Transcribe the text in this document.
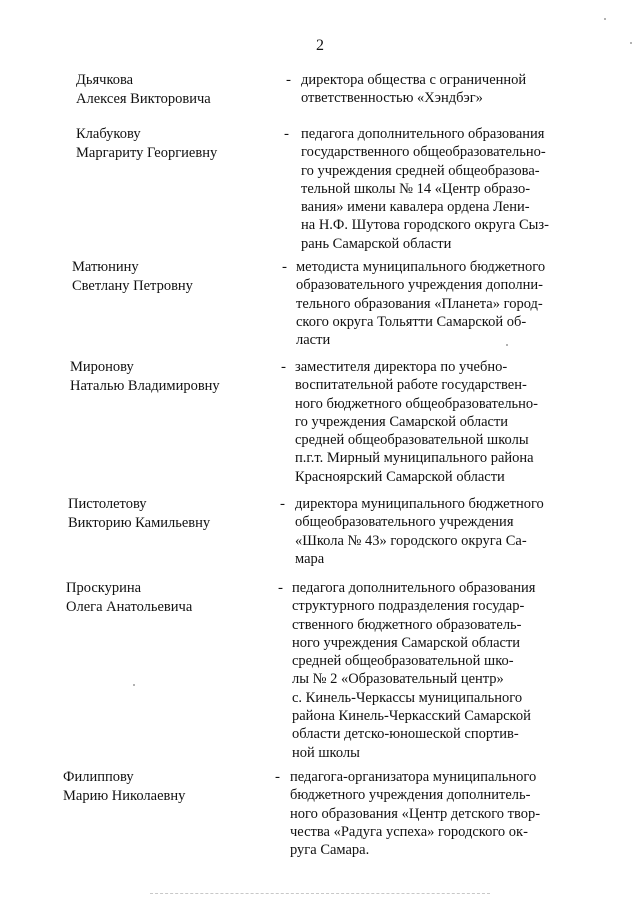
2
Дьячкова
Алексея Викторовича
- директора общества с ограниченной
ответственностью «Хэндбэг»
Клабукову
Маргариту Георгиевну
- педагога дополнительного образования
государственного общеобразовательно-
го учреждения средней общеобразова-
тельной школы № 14 «Центр образо-
вания» имени кавалера ордена Лени-
на Н.Ф. Шутова городского округа Сыз-
рань Самарской области
Матюнину
Светлану Петровну
- методиста муниципального бюджетного
образовательного учреждения дополни-
тельного образования «Планета» город-
ского округа Тольятти Самарской об-
ласти
Миронову
Наталью Владимировну
- заместителя директора по учебно-
воспитательной работе государствен-
ного бюджетного общеобразовательно-
го учреждения Самарской области
средней общеобразовательной школы
п.г.т. Мирный муниципального района
Красноярский Самарской области
Пистолетову
Викторию Камильевну
- директора муниципального бюджетного
общеобразовательного учреждения
«Школа № 43» городского округа Са-
мара
Проскурина
Олега Анатольевича
- педагога дополнительного образования
структурного подразделения государ-
ственного бюджетного образователь-
ного учреждения Самарской области
средней общеобразовательной шко-
лы № 2 «Образовательный центр»
с. Кинель-Черкассы муниципального
района Кинель-Черкасский Самарской
области детско-юношеской спортив-
ной школы
Филиппову
Марию Николаевну
- педагога-организатора муниципального
бюджетного учреждения дополнитель-
ного образования «Центр детского твор-
чества «Радуга успеха» городского ок-
руга Самара.
